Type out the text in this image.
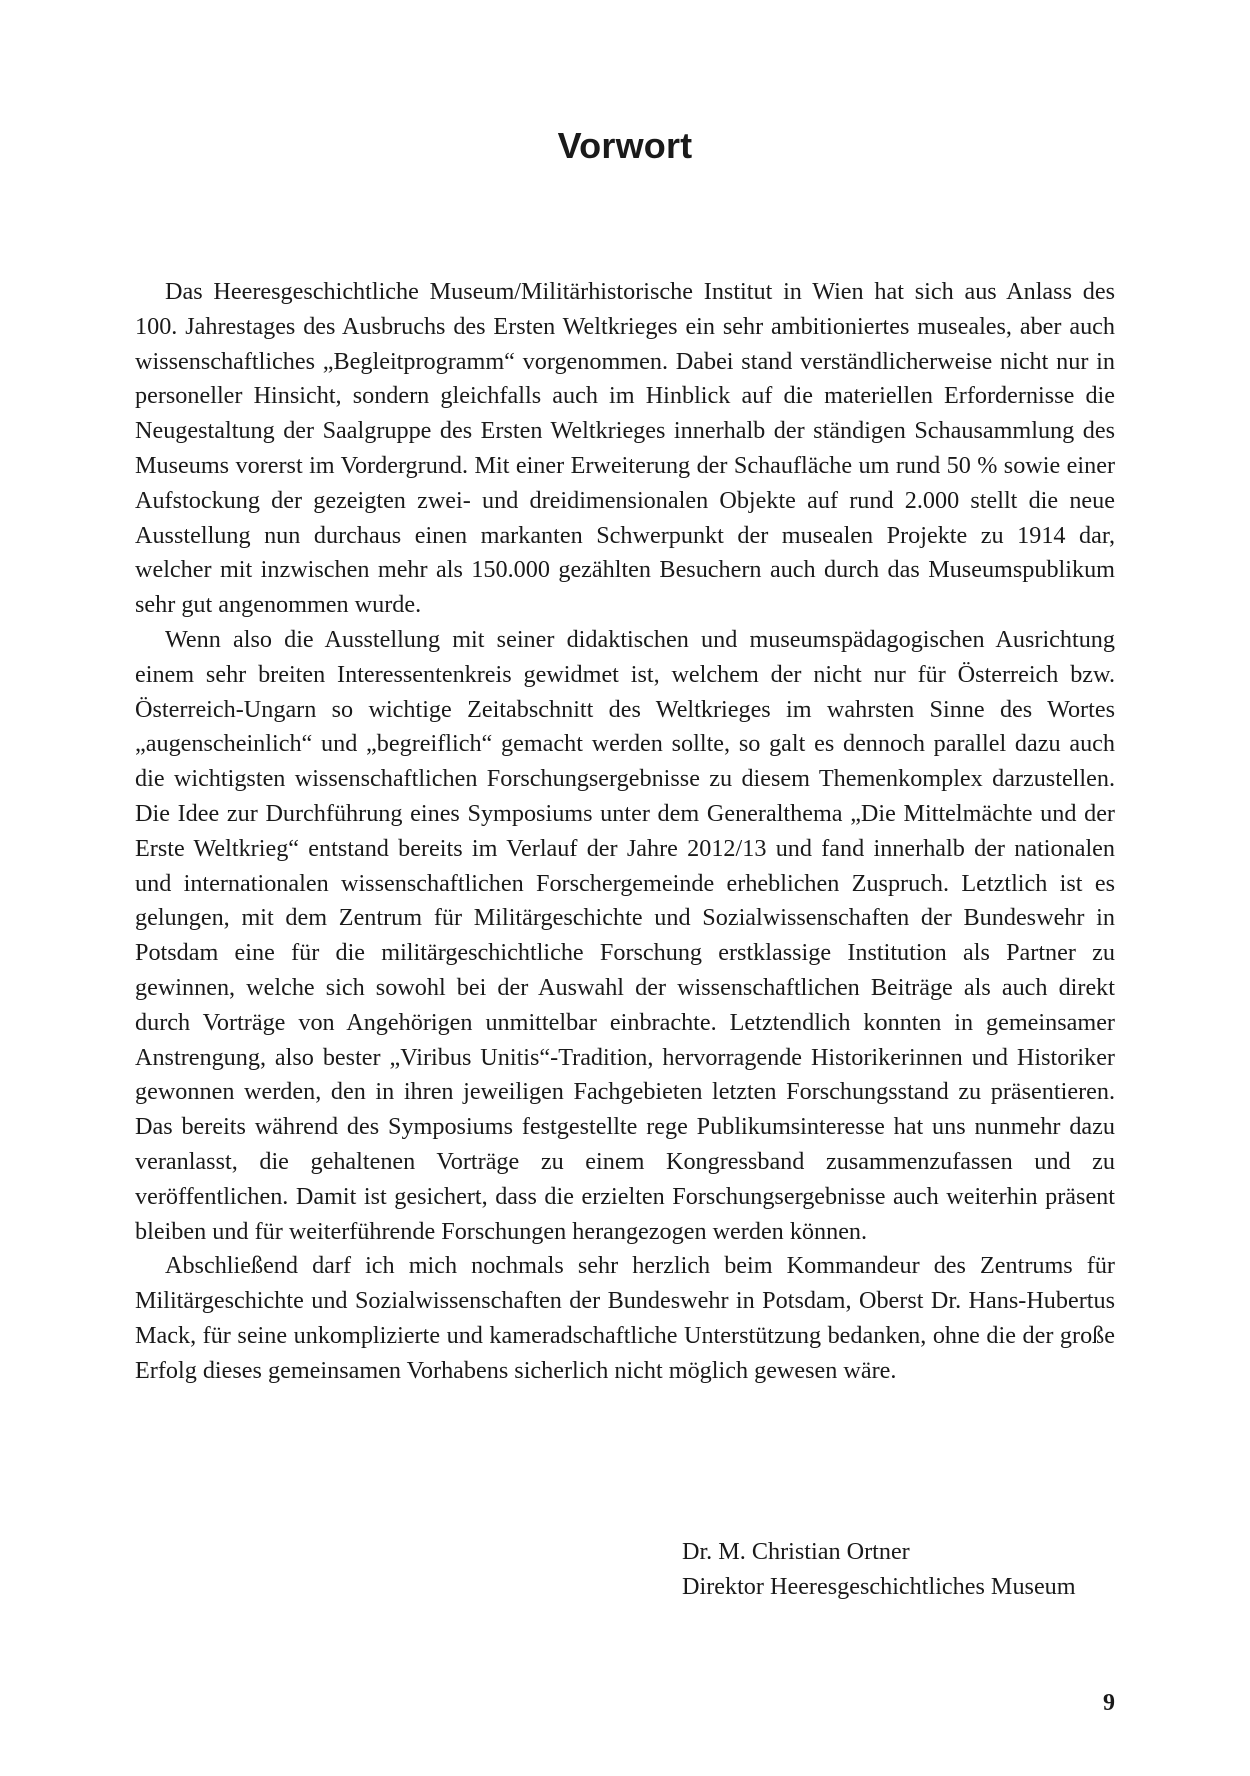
Vorwort

Das Heeresgeschichtliche Museum/Militärhistorische Institut in Wien hat sich aus Anlass des 100. Jahrestages des Ausbruchs des Ersten Weltkrieges ein sehr ambitioniertes museales, aber auch wissenschaftliches „Begleitprogramm“ vorgenommen. Dabei stand verständlicherweise nicht nur in personeller Hinsicht, sondern gleichfalls auch im Hinblick auf die materiellen Erfordernisse die Neugestaltung der Saalgruppe des Ersten Weltkrieges innerhalb der ständigen Schausammlung des Museums vorerst im Vordergrund. Mit einer Erweiterung der Schaufläche um rund 50 % sowie einer Aufstockung der gezeigten zwei- und dreidimensionalen Objekte auf rund 2.000 stellt die neue Ausstellung nun durchaus einen markanten Schwerpunkt der musealen Projekte zu 1914 dar, welcher mit inzwischen mehr als 150.000 gezählten Besuchern auch durch das Museumspublikum sehr gut angenommen wurde.

Wenn also die Ausstellung mit seiner didaktischen und museumspädagogischen Ausrichtung einem sehr breiten Interessentenkreis gewidmet ist, welchem der nicht nur für Österreich bzw. Österreich-Ungarn so wichtige Zeitabschnitt des Weltkrieges im wahrsten Sinne des Wortes „augenscheinlich“ und „begreiflich“ gemacht werden sollte, so galt es dennoch parallel dazu auch die wichtigsten wissenschaftlichen Forschungsergebnisse zu diesem Themenkomplex darzustellen. Die Idee zur Durchführung eines Symposiums unter dem Generalthema „Die Mittelmächte und der Erste Weltkrieg“ entstand bereits im Verlauf der Jahre 2012/13 und fand innerhalb der nationalen und internationalen wissenschaftlichen Forschergemeinde erheblichen Zuspruch. Letztlich ist es gelungen, mit dem Zentrum für Militärgeschichte und Sozialwissenschaften der Bundeswehr in Potsdam eine für die militärgeschichtliche Forschung erstklassige Institution als Partner zu gewinnen, welche sich sowohl bei der Auswahl der wissenschaftlichen Beiträge als auch direkt durch Vorträge von Angehörigen unmittelbar einbrachte. Letztendlich konnten in gemeinsamer Anstrengung, also bester „Viribus Unitis“-Tradition, hervorragende Historikerinnen und Historiker gewonnen werden, den in ihren jeweiligen Fachgebieten letzten Forschungsstand zu präsentieren. Das bereits während des Symposiums festgestellte rege Publikumsinteresse hat uns nunmehr dazu veranlasst, die gehaltenen Vorträge zu einem Kongressband zusammenzufassen und zu veröffentlichen. Damit ist gesichert, dass die erzielten Forschungsergebnisse auch weiterhin präsent bleiben und für weiterführende Forschungen herangezogen werden können.

Abschließend darf ich mich nochmals sehr herzlich beim Kommandeur des Zentrums für Militärgeschichte und Sozialwissenschaften der Bundeswehr in Potsdam, Oberst Dr. Hans-Hubertus Mack, für seine unkomplizierte und kameradschaftliche Unterstützung bedanken, ohne die der große Erfolg dieses gemeinsamen Vorhabens sicherlich nicht möglich gewesen wäre.

Dr. M. Christian Ortner
Direktor Heeresgeschichtliches Museum
9
